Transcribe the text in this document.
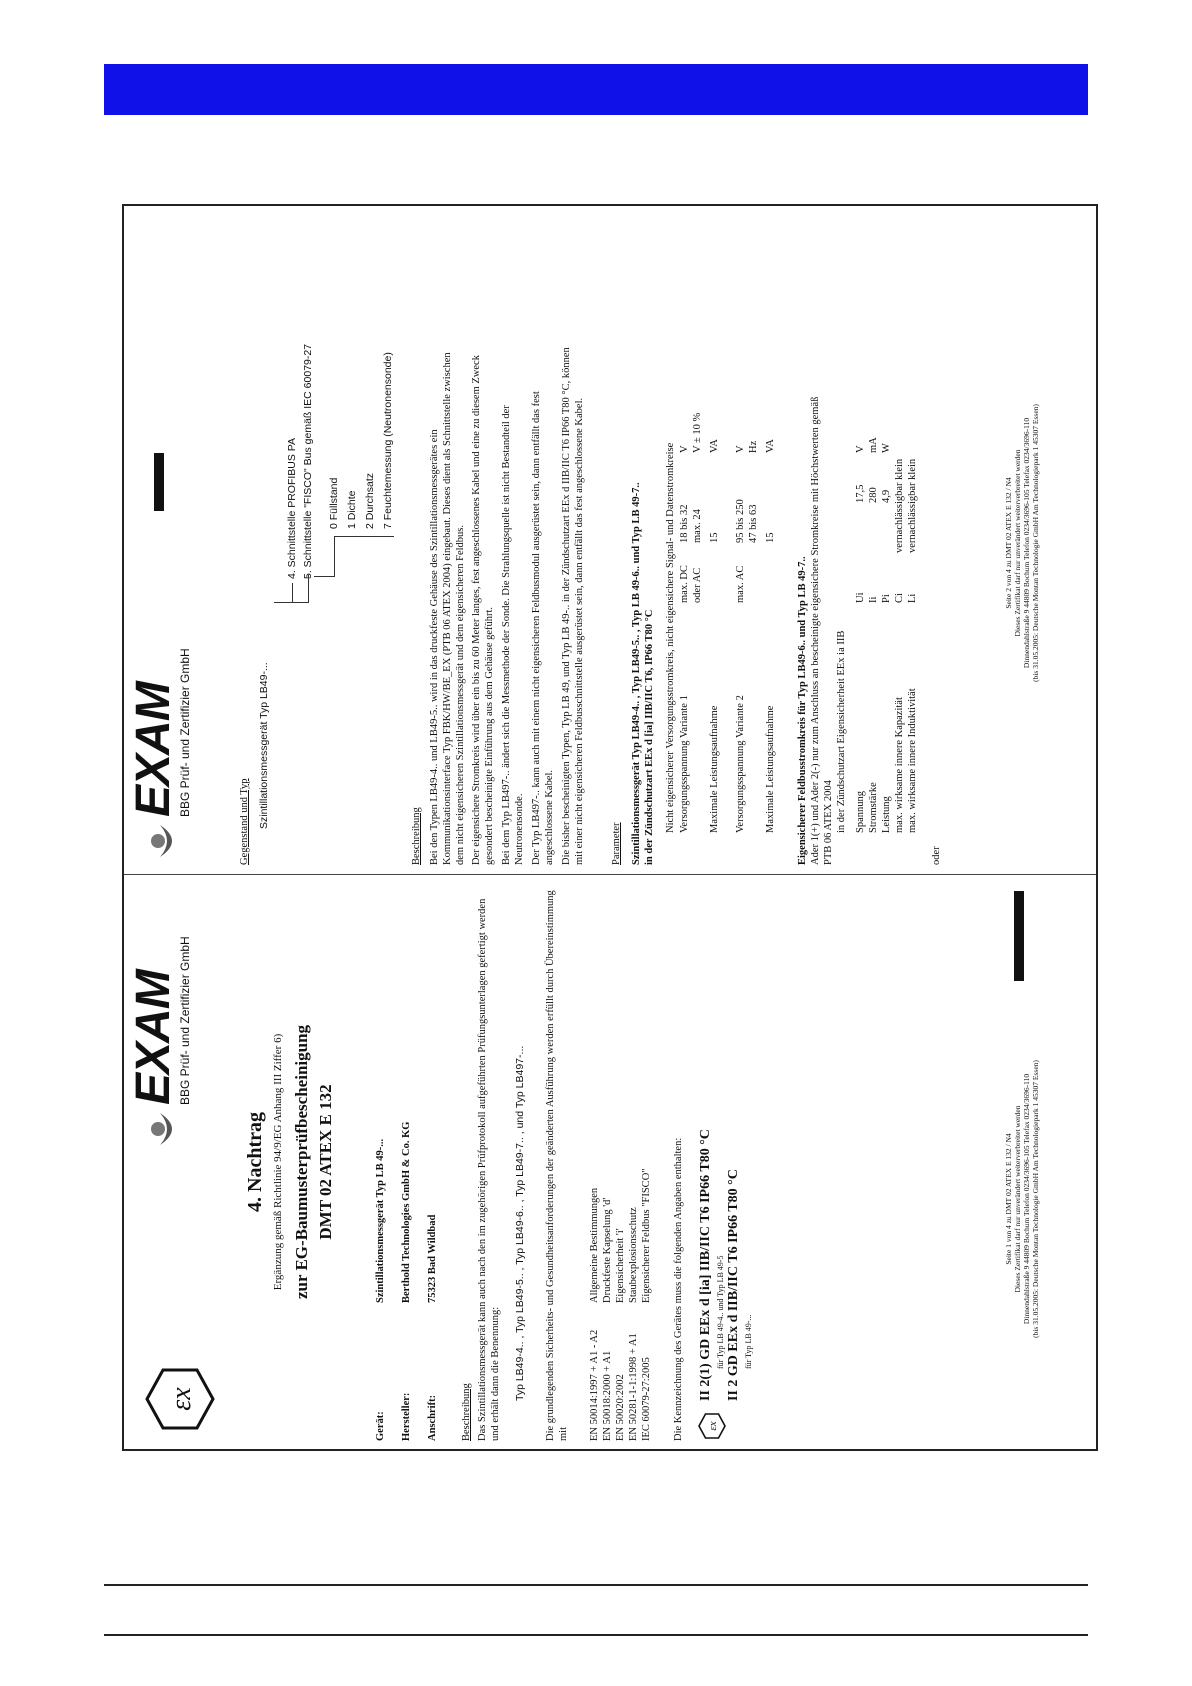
EXAM
BBG Prüf- und Zertifizier GmbH
Gegenstand und Typ Szintillationsmessgerät Typ LB49-...
4. Schnittstelle PROFIBUS PA 5. Schnittstelle "FISCO" Bus gemäß IEC 60079-27 0 Füllstand 1 Dichte 2 Durchsatz 7 Feuchtemessung (Neutronensonde)
Beschreibung Bei den Typen LB49-4.. und LB49-5.. wird in das druckfeste Gehäuse des Szintillationsmessgerätes ein Kommunikationsinterface Typ FBK/HW/BE_EX (PTB 06 ATEX 2004) eingebaut. Dieses dient als Schnittstelle zwischen dem nicht eigensicheren Szintillationsmessgerät und dem eigensicheren Feldbus. Der eigensichere Stromkreis wird über ein bis zu 60 Meter langes, fest angeschlossenes Kabel und eine zu diesem Zweck gesondert bescheinigte Einführung aus dem Gehäuse geführt. Bei dem Typ LB497-.. ändert sich die Messmethode der Sonde. Die Strahlungsquelle ist nicht Bestandteil der Neutronensonde. Der Typ LB497-.. kann auch mit einem nicht eigensicheren Feldbusmodul ausgerüstet sein, dann entfällt das fest angeschlossene Kabel. Die bisher bescheinigten Typen, Typ LB 49, und Typ LB 49-.. in der Zündschutzart EEx d IIB/IIC T6 IP66 T80 °C, können mit einer nicht eigensicheren Feldbusschnittstelle ausgerüstet sein, dann entfällt das fest angeschlossene Kabel. Parameter Szintillationsmessgerät Typ LB49-4.. , Typ LB49-5.. , Typ LB 49-6.. und Typ LB 49-7.. in der Zündschutzart EEx d [ia] IIB/IIC T6, IP66 T80 °C Nicht eigensicherer Versorgungsstromkreis, nicht eigensichere Signal- und Datenstromkreise Versorgungsspannung Variante 1
max. DC
18 bis 32
V
oder AC
max. 24
V ± 10 %
Maximale Leistungsaufnahme
15
VA
Versorgungsspannung Variante 2
max. AC
95 bis 250
V
47 bis 63
Hz
Maximale Leistungsaufnahme
15
VA
Eigensicherer Feldbusstromkreis für Typ LB49-6.. und Typ LB 49-7.. Ader 1(+) und Ader 2(-) nur zum Anschluss an bescheinigte eigensichere Stromkreise mit Höchstwerten gemäß PTB 06 ATEX 2004 in der Zündschutzart Eigensicherheit EEx ia IIB Spannung
Ui
17,5
V
Stromstärke
Ii
280
mA
Leistung
Pi
4,9
W
max. wirksame innere Kapazität
Ci
vernachlässigbar klein
max. wirksame innere Induktivität
Li
vernachlässigbar klein
oder
Seite 2 von 4 zu DMT 02 ATEX E 132 / N4 Dieses Zertifikat darf nur unverändert weiterverbreitet werden Dinnendahlstraße 9 44809 Bochum Telefon 0234/3696-105 Telefax 0234/3696-110 (bis 31.05.2005: Deutsche Montan Technologie GmbH Am Technologiepark 1 45307 Essen)
εx
EXAM
BBG Prüf- und Zertifizier GmbH
4. Nachtrag Ergänzung gemäß Richtlinie 94/9/EG Anhang III Ziffer 6) zur EG-Baumusterprüfbescheinigung DMT 02 ATEX E 132
Gerät:
Szintillationsmessgerät Typ LB 49-...
Hersteller:
Berthold Technologies GmbH & Co. KG
Anschrift:
75323 Bad Wildbad
Beschreibung Das Szintillationsmessgerät kann auch nach den im zugehörigen Prüfprotokoll aufgeführten Prüfungsunterlagen gefertigt werden und erhält dann die Benennung: Typ LB49-4.. , Typ LB49-5.. , Typ LB49-6.. , Typ LB49-7.. , und Typ LB497-... Die grundlegenden Sicherheits- und Gesundheitsanforderungen der geänderten Ausführung werden erfüllt durch Übereinstimmung mit EN 50014:1997 + A1 - A2
Allgemeine Bestimmungen
EN 50018:2000 + A1
Druckfeste Kapselung 'd'
EN 50020:2002
Eigensicherheit 'i'
EN 50281-1-1:1998 + A1
Staubexplosionsschutz
IEC 60079-27:2005
Eigensicherer Feldbus "FISCO" Die Kennzeichnung des Gerätes muss die folgenden Angaben enthalten: εx
II 2(1) GD EEx d [ia] IIB/IIC T6 IP66 T80 °C für Typ LB 49-4.. und Typ LB 49-5 II 2 GD EEx d IIB/IIC T6 IP66 T80 °C für Typ LB 49-...
Seite 1 von 4 zu DMT 02 ATEX E 132 / N4 Dieses Zertifikat darf nur unverändert weiterverbreitet werden Dinnendahlstraße 9 44809 Bochum Telefon 0234/3696-105 Telefax 0234/3696-110 (bis 31.05.2005: Deutsche Montan Technologie GmbH Am Technologiepark 1 45307 Essen)
